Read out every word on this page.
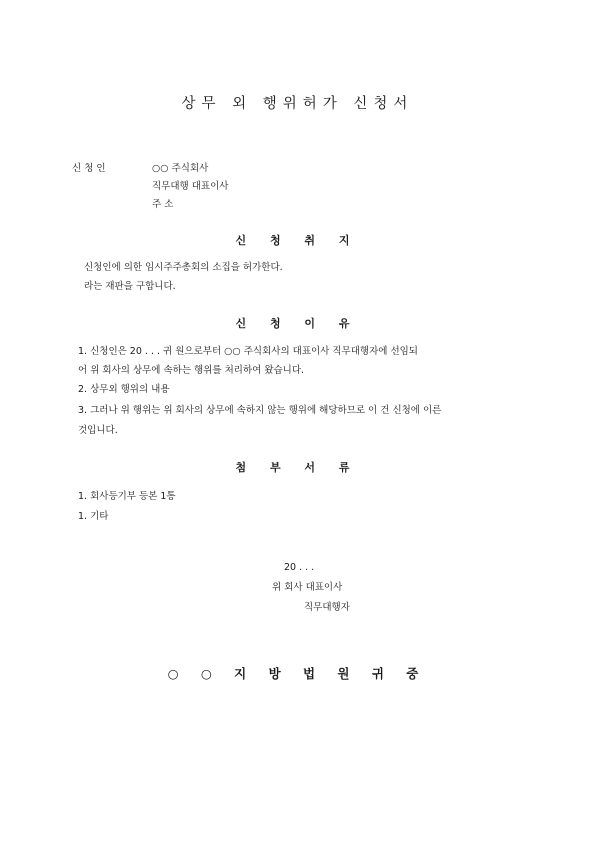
상무 외 행위허가 신청서
신 청 인	○○ 주식회사
직무대행 대표이사
주 소
신 청 취 지
신청인에 의한 임시주주총회의 소집을 허가한다.
라는 재판을 구합니다.
신 청 이 유
1. 신청인은 20 . . . 귀 원으로부터 ○○ 주식회사의 대표이사 직무대행자에 선임되
어 위 회사의 상무에 속하는 행위를 처리하여 왔습니다.
2. 상무외 행위의 내용
3. 그러나 위 행위는 위 회사의 상무에 속하지 않는 행위에 해당하므로 이 건 신청에 이른
것입니다.
첨 부 서 류
1. 회사등기부 등본 1통
1. 기타
20 . . .
위 회사 대표이사
직무대행자
○ ○ 지 방 법 원 귀 중
